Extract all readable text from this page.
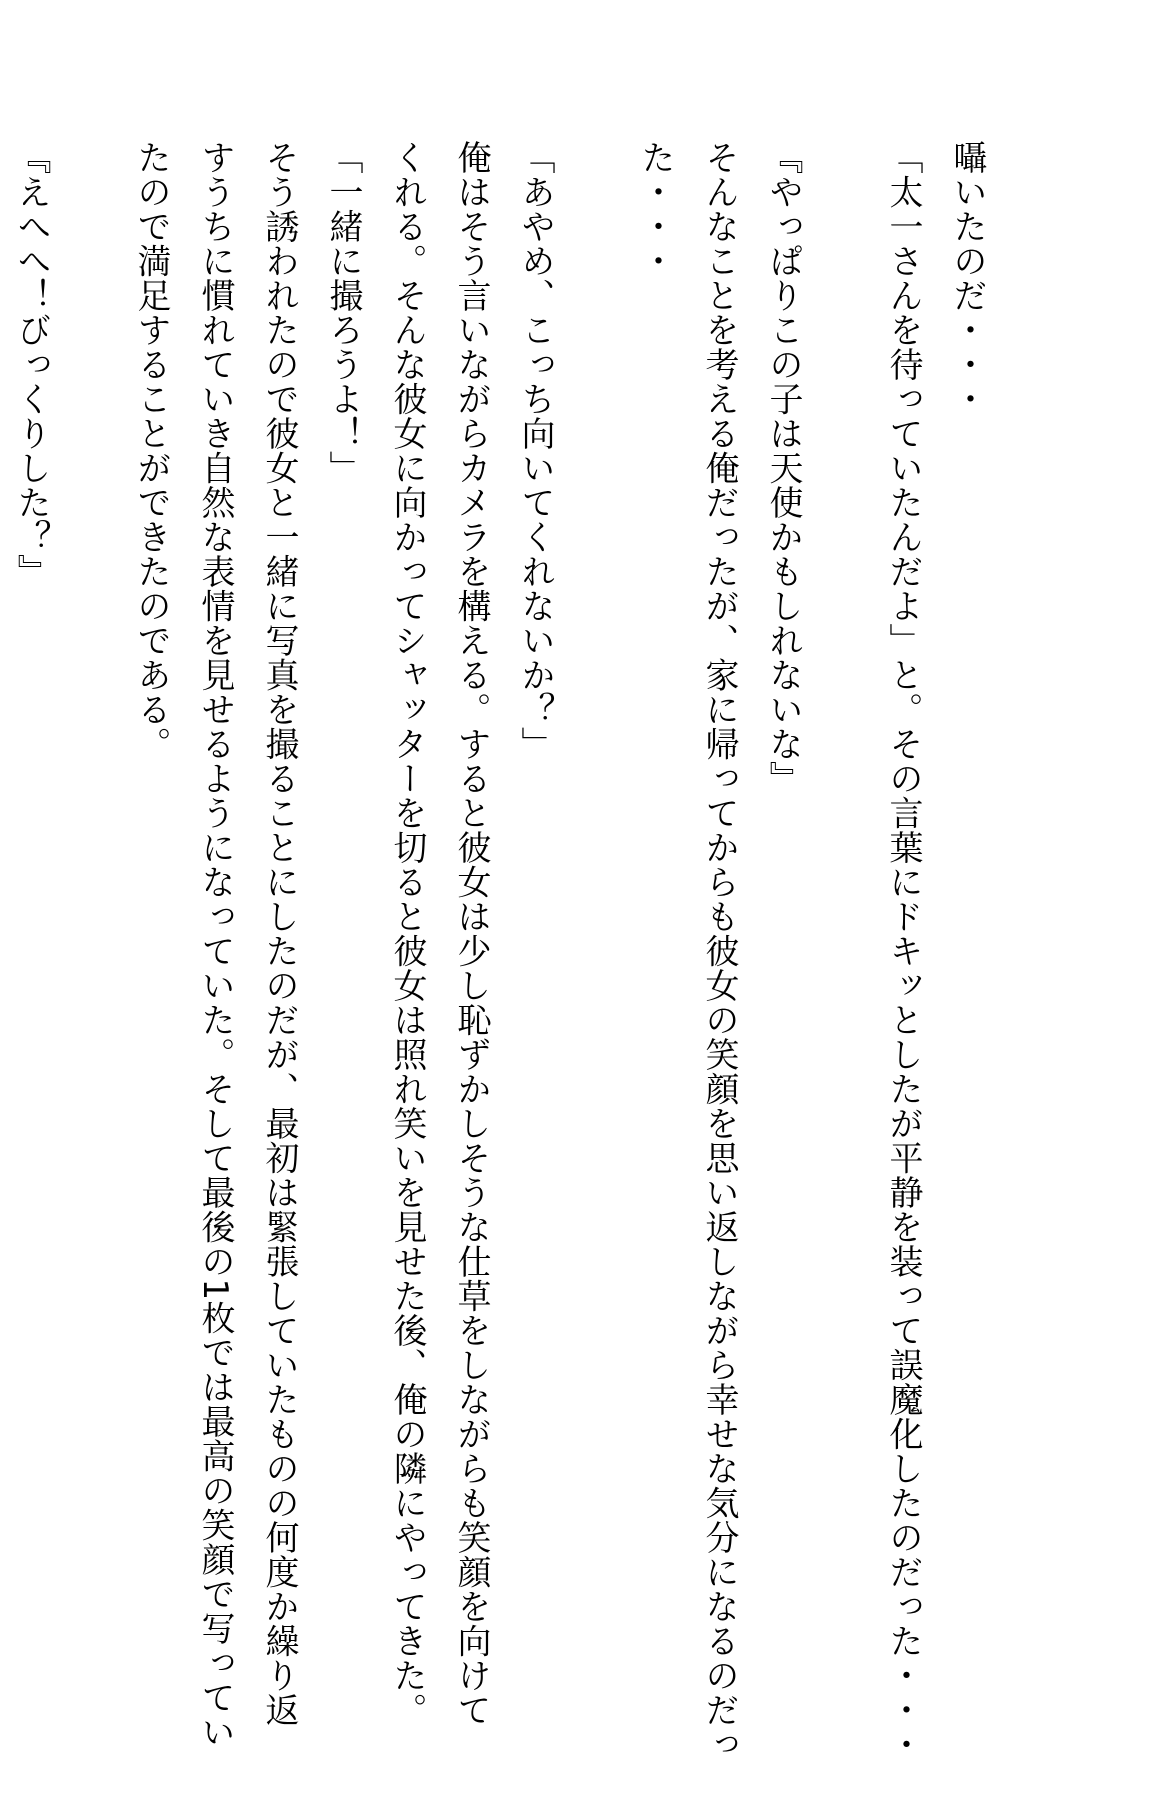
囁いたのだ・・・
「太一さんを待っていたんだよ」と。その言葉にドキッとしたが平静を装って誤魔化したのだった・・・
『やっぱりこの子は天使かもしれないな』
そんなことを考える俺だったが、家に帰ってからも彼女の笑顔を思い返しながら幸せな気分になるのだっ
た・・・
「あやめ、こっち向いてくれないか？」
俺はそう言いながらカメラを構える。すると彼女は少し恥ずかしそうな仕草をしながらも笑顔を向けて
くれる。そんな彼女に向かってシャッターを切ると彼女は照れ笑いを見せた後、俺の隣にやってきた。
「一緒に撮ろうよ！」
そう誘われたので彼女と一緒に写真を撮ることにしたのだが、最初は緊張していたものの何度か繰り返
すうちに慣れていき自然な表情を見せるようになっていた。そして最後の1枚では最高の笑顔で写ってい
たので満足することができたのである。
『えへへ！びっくりした？』
